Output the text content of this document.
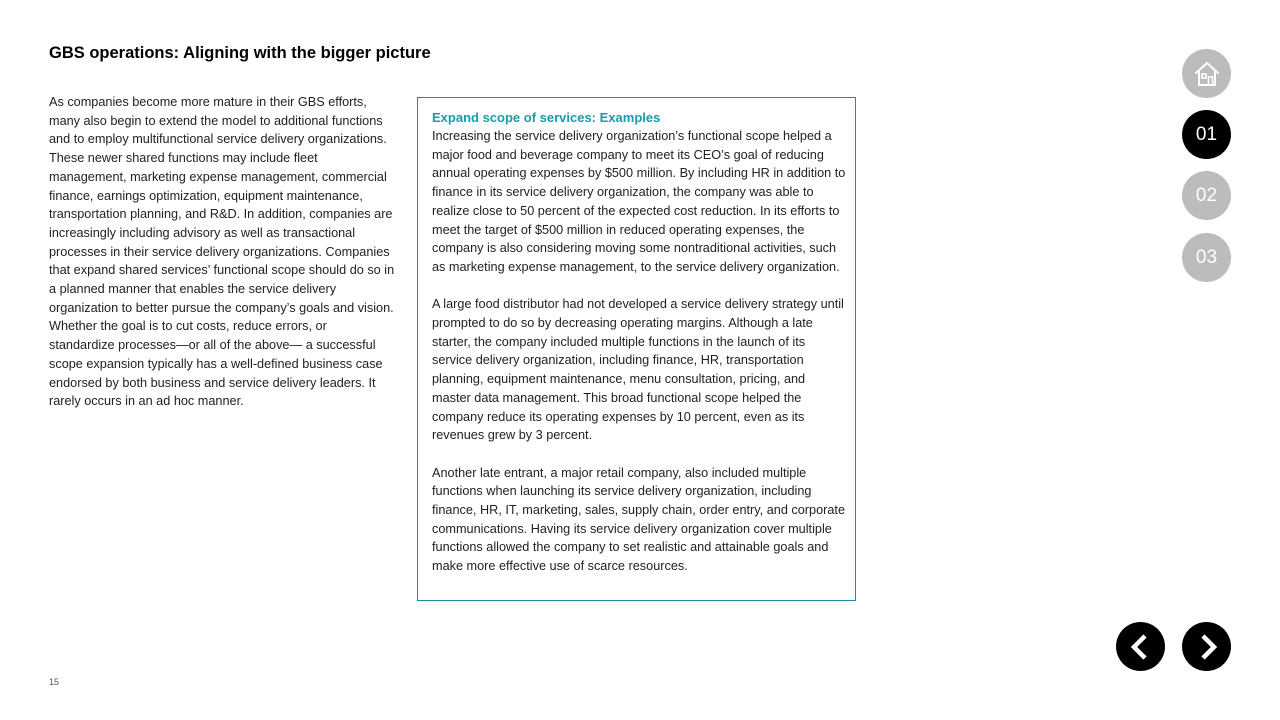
GBS operations: Aligning with the bigger picture

As companies become more mature in their GBS efforts, many also begin to extend the model to additional functions and to employ multifunctional service delivery organizations. These newer shared functions may include fleet management, marketing expense management, commercial finance, earnings optimization, equipment maintenance, transportation planning, and R&D. In addition, companies are increasingly including advisory as well as transactional processes in their service delivery organizations. Companies that expand shared services’ functional scope should do so in a planned manner that enables the service delivery organization to better pursue the company’s goals and vision. Whether the goal is to cut costs, reduce errors, or standardize processes—or all of the above— a successful scope expansion typically has a well-defined business case endorsed by both business and service delivery leaders. It rarely occurs in an ad hoc manner.

Expand scope of services: Examples

Increasing the service delivery organization’s functional scope helped a major food and beverage company to meet its CEO’s goal of reducing annual operating expenses by $500 million. By including HR in addition to finance in its service delivery organization, the company was able to realize close to 50 percent of the expected cost reduction. In its efforts to meet the target of $500 million in reduced operating expenses, the company is also considering moving some nontraditional activities, such as marketing expense management, to the service delivery organization.

A large food distributor had not developed a service delivery strategy until prompted to do so by decreasing operating margins. Although a late starter, the company included multiple functions in the launch of its service delivery organization, including finance, HR, transportation planning, equipment maintenance, menu consultation, pricing, and master data management. This broad functional scope helped the company reduce its operating expenses by 10 percent, even as its revenues grew by 3 percent.

Another late entrant, a major retail company, also included multiple functions when launching its service delivery organization, including finance, HR, IT, marketing, sales, supply chain, order entry, and corporate communications. Having its service delivery organization cover multiple functions allowed the company to set realistic and attainable goals and make more effective use of scarce resources.

01
02
03
15
